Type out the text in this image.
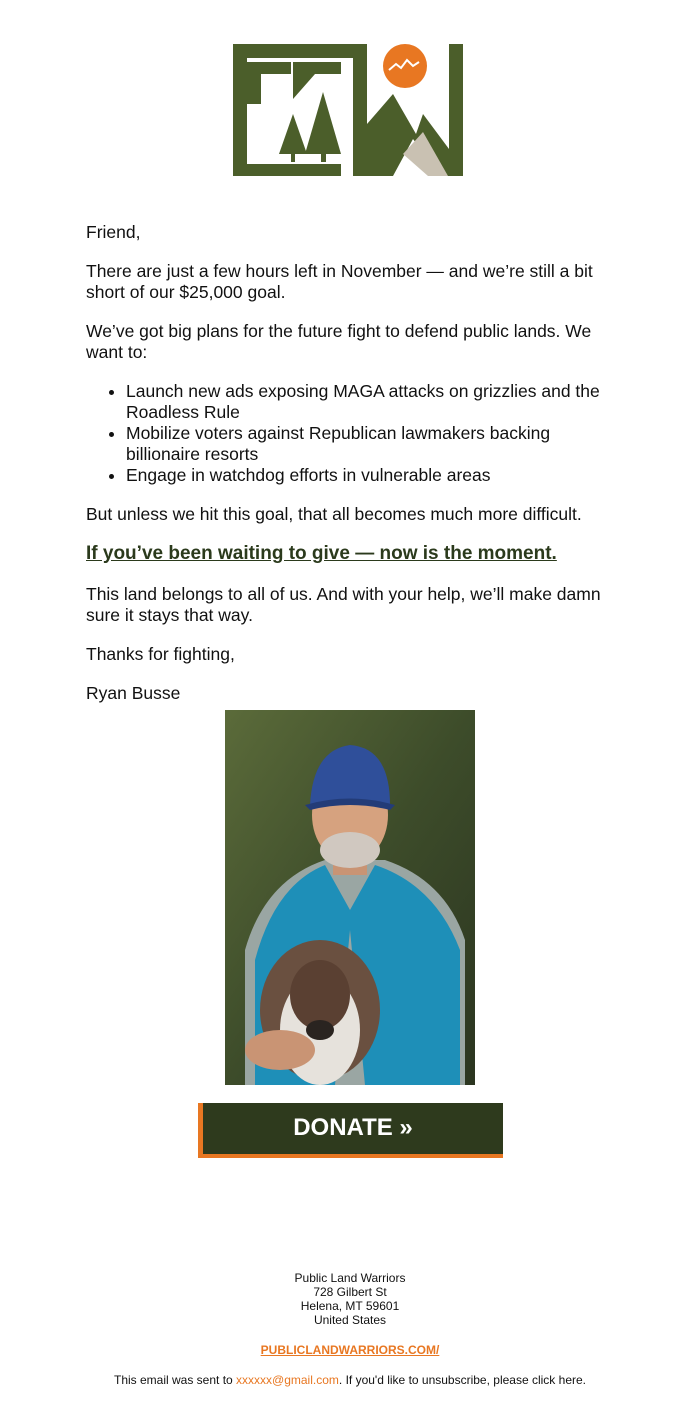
Friend,

There are just a few hours left in November — and we’re still a bit short of our $25,000 goal.

We’ve got big plans for the future fight to defend public lands. We want to:

• Launch new ads exposing MAGA attacks on grizzlies and the Roadless Rule
• Mobilize voters against Republican lawmakers backing billionaire resorts
• Engage in watchdog efforts in vulnerable areas

But unless we hit this goal, that all becomes much more difficult.

If you’ve been waiting to give — now is the moment.

This land belongs to all of us. And with your help, we’ll make damn sure it stays that way.

Thanks for fighting,

Ryan Busse

DONATE »
Public Land Warriors
728 Gilbert St
Helena, MT 59601
United States
PUBLICLANDWARRIORS.COM/
This email was sent to xxxxxx@gmail.com. If you'd like to unsubscribe, please click here.
